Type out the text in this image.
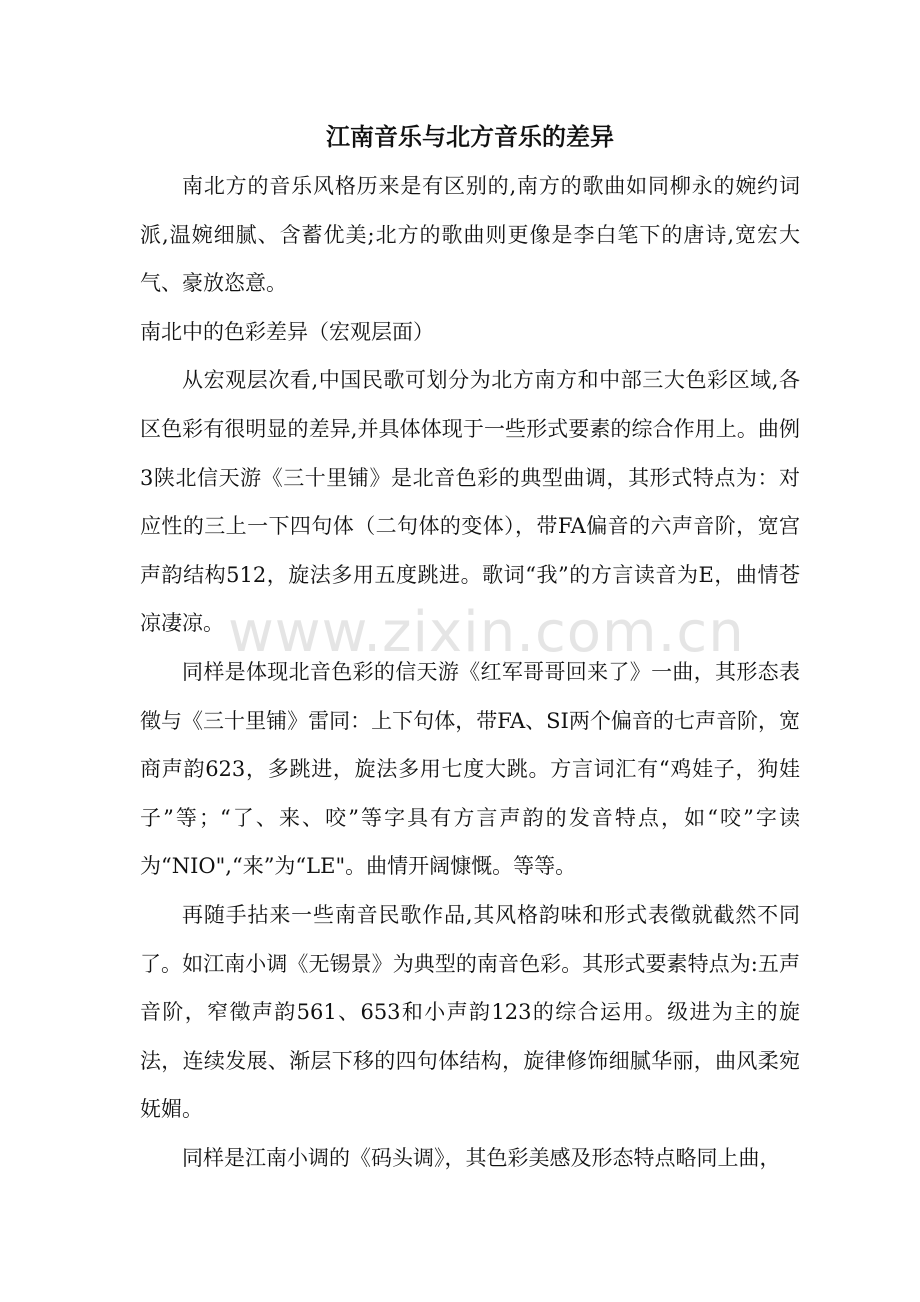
江南音乐与北方音乐的差异

南北方的音乐风格历来是有区别的,南方的歌曲如同柳永的婉约词派,温婉细腻、含蓄优美;北方的歌曲则更像是李白笔下的唐诗,宽宏大气、豪放恣意。

南北中的色彩差异（宏观层面）

从宏观层次看,中国民歌可划分为北方南方和中部三大色彩区域,各区色彩有很明显的差异,并具体体现于一些形式要素的综合作用上。曲例3陕北信天游《三十里铺》是北音色彩的典型曲调，其形式特点为：对应性的三上一下四句体（二句体的变体），带FA偏音的六声音阶，宽宫声韵结构512，旋法多用五度跳进。歌词“我”的方言读音为E，曲情苍凉凄凉。

同样是体现北音色彩的信天游《红军哥哥回来了》一曲，其形态表徵与《三十里铺》雷同：上下句体，带FA、SI两个偏音的七声音阶，宽商声韵623，多跳进，旋法多用七度大跳。方言词汇有“鸡娃子，狗娃子”等；“了、来、咬”等字具有方言声韵的发音特点，如“咬”字读为“NIO",“来”为“LE"。曲情开阔慷慨。等等。

再随手拈来一些南音民歌作品,其风格韵味和形式表徵就截然不同了。如江南小调《无锡景》为典型的南音色彩。其形式要素特点为:五声音阶，窄徵声韵561、653和小声韵123的综合运用。级进为主的旋法，连续发展、渐层下移的四句体结构，旋律修饰细腻华丽，曲风柔宛妩媚。

同样是江南小调的《码头调》，其色彩美感及形态特点略同上曲，

www.zixin.com.cn
